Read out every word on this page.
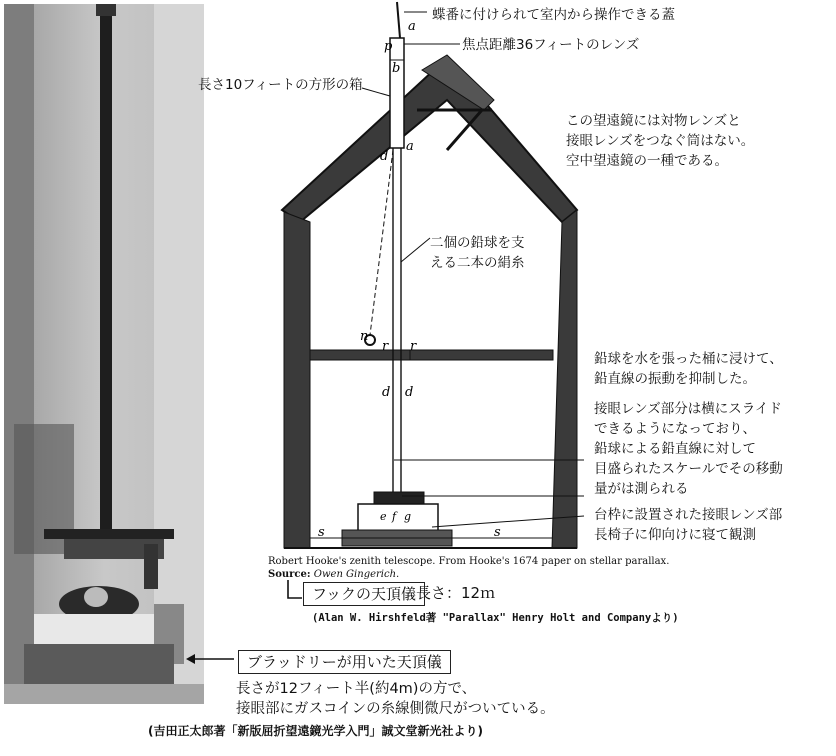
a
b
a
d
p
n
r r
d d
s	s
e f g
蝶番に付けられて室内から操作できる蓋
焦点距離36フィートのレンズ
長さ10フィートの方形の箱
この望遠鏡には対物レンズと
接眼レンズをつなぐ筒はない。
空中望遠鏡の一種である。
二個の鉛球を支
える二本の絹糸
鉛球を水を張った桶に浸けて、
鉛直線の振動を抑制した。
接眼レンズ部分は横にスライド
できるようになっており、
鉛球による鉛直線に対して
目盛られたスケールでその移動
量がは測られる
台枠に設置された接眼レンズ部
長椅子に仰向けに寝て観測
Robert Hooke's zenith telescope. From Hooke's 1674 paper on stellar parallax.
Source: Owen Gingerich.
フックの天頂儀 長さ：12ｍ
(Alan W. Hirshfeld著 "Parallax" Henry Holt and Companyより)
ブラッドリーが用いた天頂儀
長さが12フィート半(約4m)の方で、
接眼部にガスコインの糸線側微尺がついている。
(吉田正太郎著「新版屈折望遠鏡光学入門」誠文堂新光社より)
